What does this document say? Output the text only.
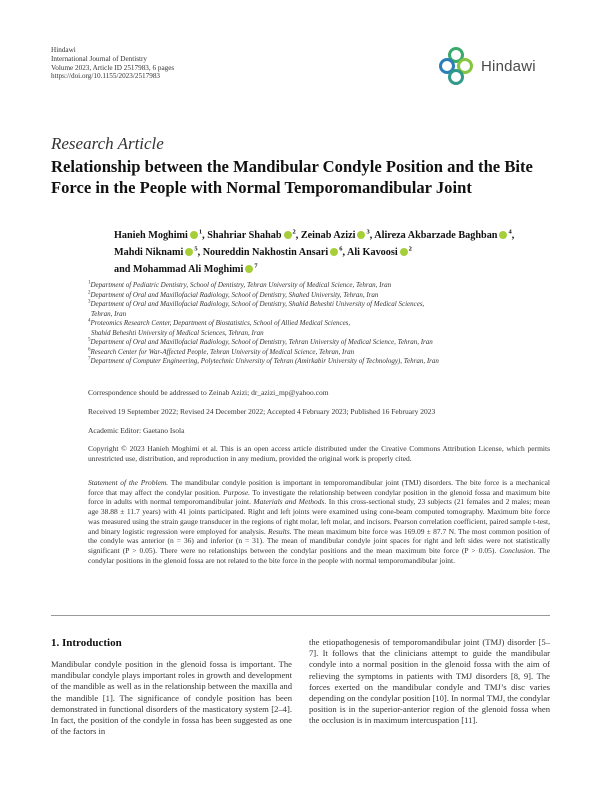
Hindawi
International Journal of Dentistry
Volume 2023, Article ID 2517983, 6 pages
https://doi.org/10.1155/2023/2517983
Hindawi
Research Article
Relationship between the Mandibular Condyle Position and the Bite Force in the People with Normal Temporomandibular Joint
Hanieh Moghimi $^1$, Shahriar Shahab $^2$, Zeinab Azizi $^3$, Alireza Akbarzade Baghban $^4$,
Mahdi Niknami $^5$, Noureddin Nakhostin Ansari $^6$, Ali Kavoosi $^2$
and Mohammad Ali Moghimi $^7$

$^1$Department of Pediatric Dentistry, School of Dentistry, Tehran University of Medical Science, Tehran, Iran

$^2$Department of Oral and Maxillofacial Radiology, School of Dentistry, Shahed University, Tehran, Iran

$^3$Department of Oral and Maxillofacial Radiology, School of Dentistry, Shahid Beheshti University of Medical Sciences,
Tehran, Iran

$^4$Proteomics Research Center, Department of Biostatistics, School of Allied Medical Sciences,
Shahid Beheshti University of Medical Sciences, Tehran, Iran

$^5$Department of Oral and Maxillofacial Radiology, School of Dentistry, Tehran University of Medical Science, Tehran, Iran

$^6$Research Center for War-Affected People, Tehran University of Medical Science, Tehran, Iran

$^7$Department of Computer Engineering, Polytechnic University of Tehran (Amirkabir University of Technology), Tehran, Iran

Correspondence should be addressed to Zeinab Azizi; dr_azizi_mp@yahoo.com
Received 19 September 2022; Revised 24 December 2022; Accepted 4 February 2023; Published 16 February 2023
Academic Editor: Gaetano Isola
Copyright © 2023 Hanieh Moghimi et al. This is an open access article distributed under the Creative Commons Attribution License, which permits unrestricted use, distribution, and reproduction in any medium, provided the original work is properly cited.
Statement of the Problem. The mandibular condyle position is important in temporomandibular joint (TMJ) disorders. The bite force is a mechanical force that may affect the condylar position. Purpose. To investigate the relationship between condylar position in the glenoid fossa and maximum bite force in adults with normal temporomandibular joint. Materials and Methods. In this cross-sectional study, 23 subjects (21 females and 2 males; mean age 38.88 ± 11.7 years) with 41 joints participated. Right and left joints were examined using cone-beam computed tomography. Maximum bite force was measured using the strain gauge transducer in the regions of right molar, left molar, and incisors. Pearson correlation coefficient, paired sample t-test, and binary logistic regression were employed for analysis. Results. The mean maximum bite force was 169.09 ± 87.7 N. The most common position of the condyle was anterior (n = 36) and inferior (n = 31). The mean of mandibular condyle joint spaces for right and left sides were not statistically significant (P > 0.05). There were no relationships between the condylar positions and the mean maximum bite force (P > 0.05). Conclusion. The condylar positions in the glenoid fossa are not related to the bite force in the people with normal temporomandibular joint.
1. Introduction

Mandibular condyle position in the glenoid fossa is important. The mandibular condyle plays important roles in growth and development of the mandible as well as in the relationship between the maxilla and the mandible [1]. The significance of condyle position has been demonstrated in functional disorders of the masticatory system [2–4]. In fact, the position of the condyle in fossa has been suggested as one of the factors in

the etiopathogenesis of temporomandibular joint (TMJ) disorder [5–7]. It follows that the clinicians attempt to guide the mandibular condyle into a normal position in the glenoid fossa with the aim of relieving the symptoms in patients with TMJ disorders [8, 9]. The forces exerted on the mandibular condyle and TMJ’s disc varies depending on the condylar position [10]. In normal TMJ, the condylar position is in the superior-anterior region of the glenoid fossa when the occlusion is in maximum intercuspation [11].
